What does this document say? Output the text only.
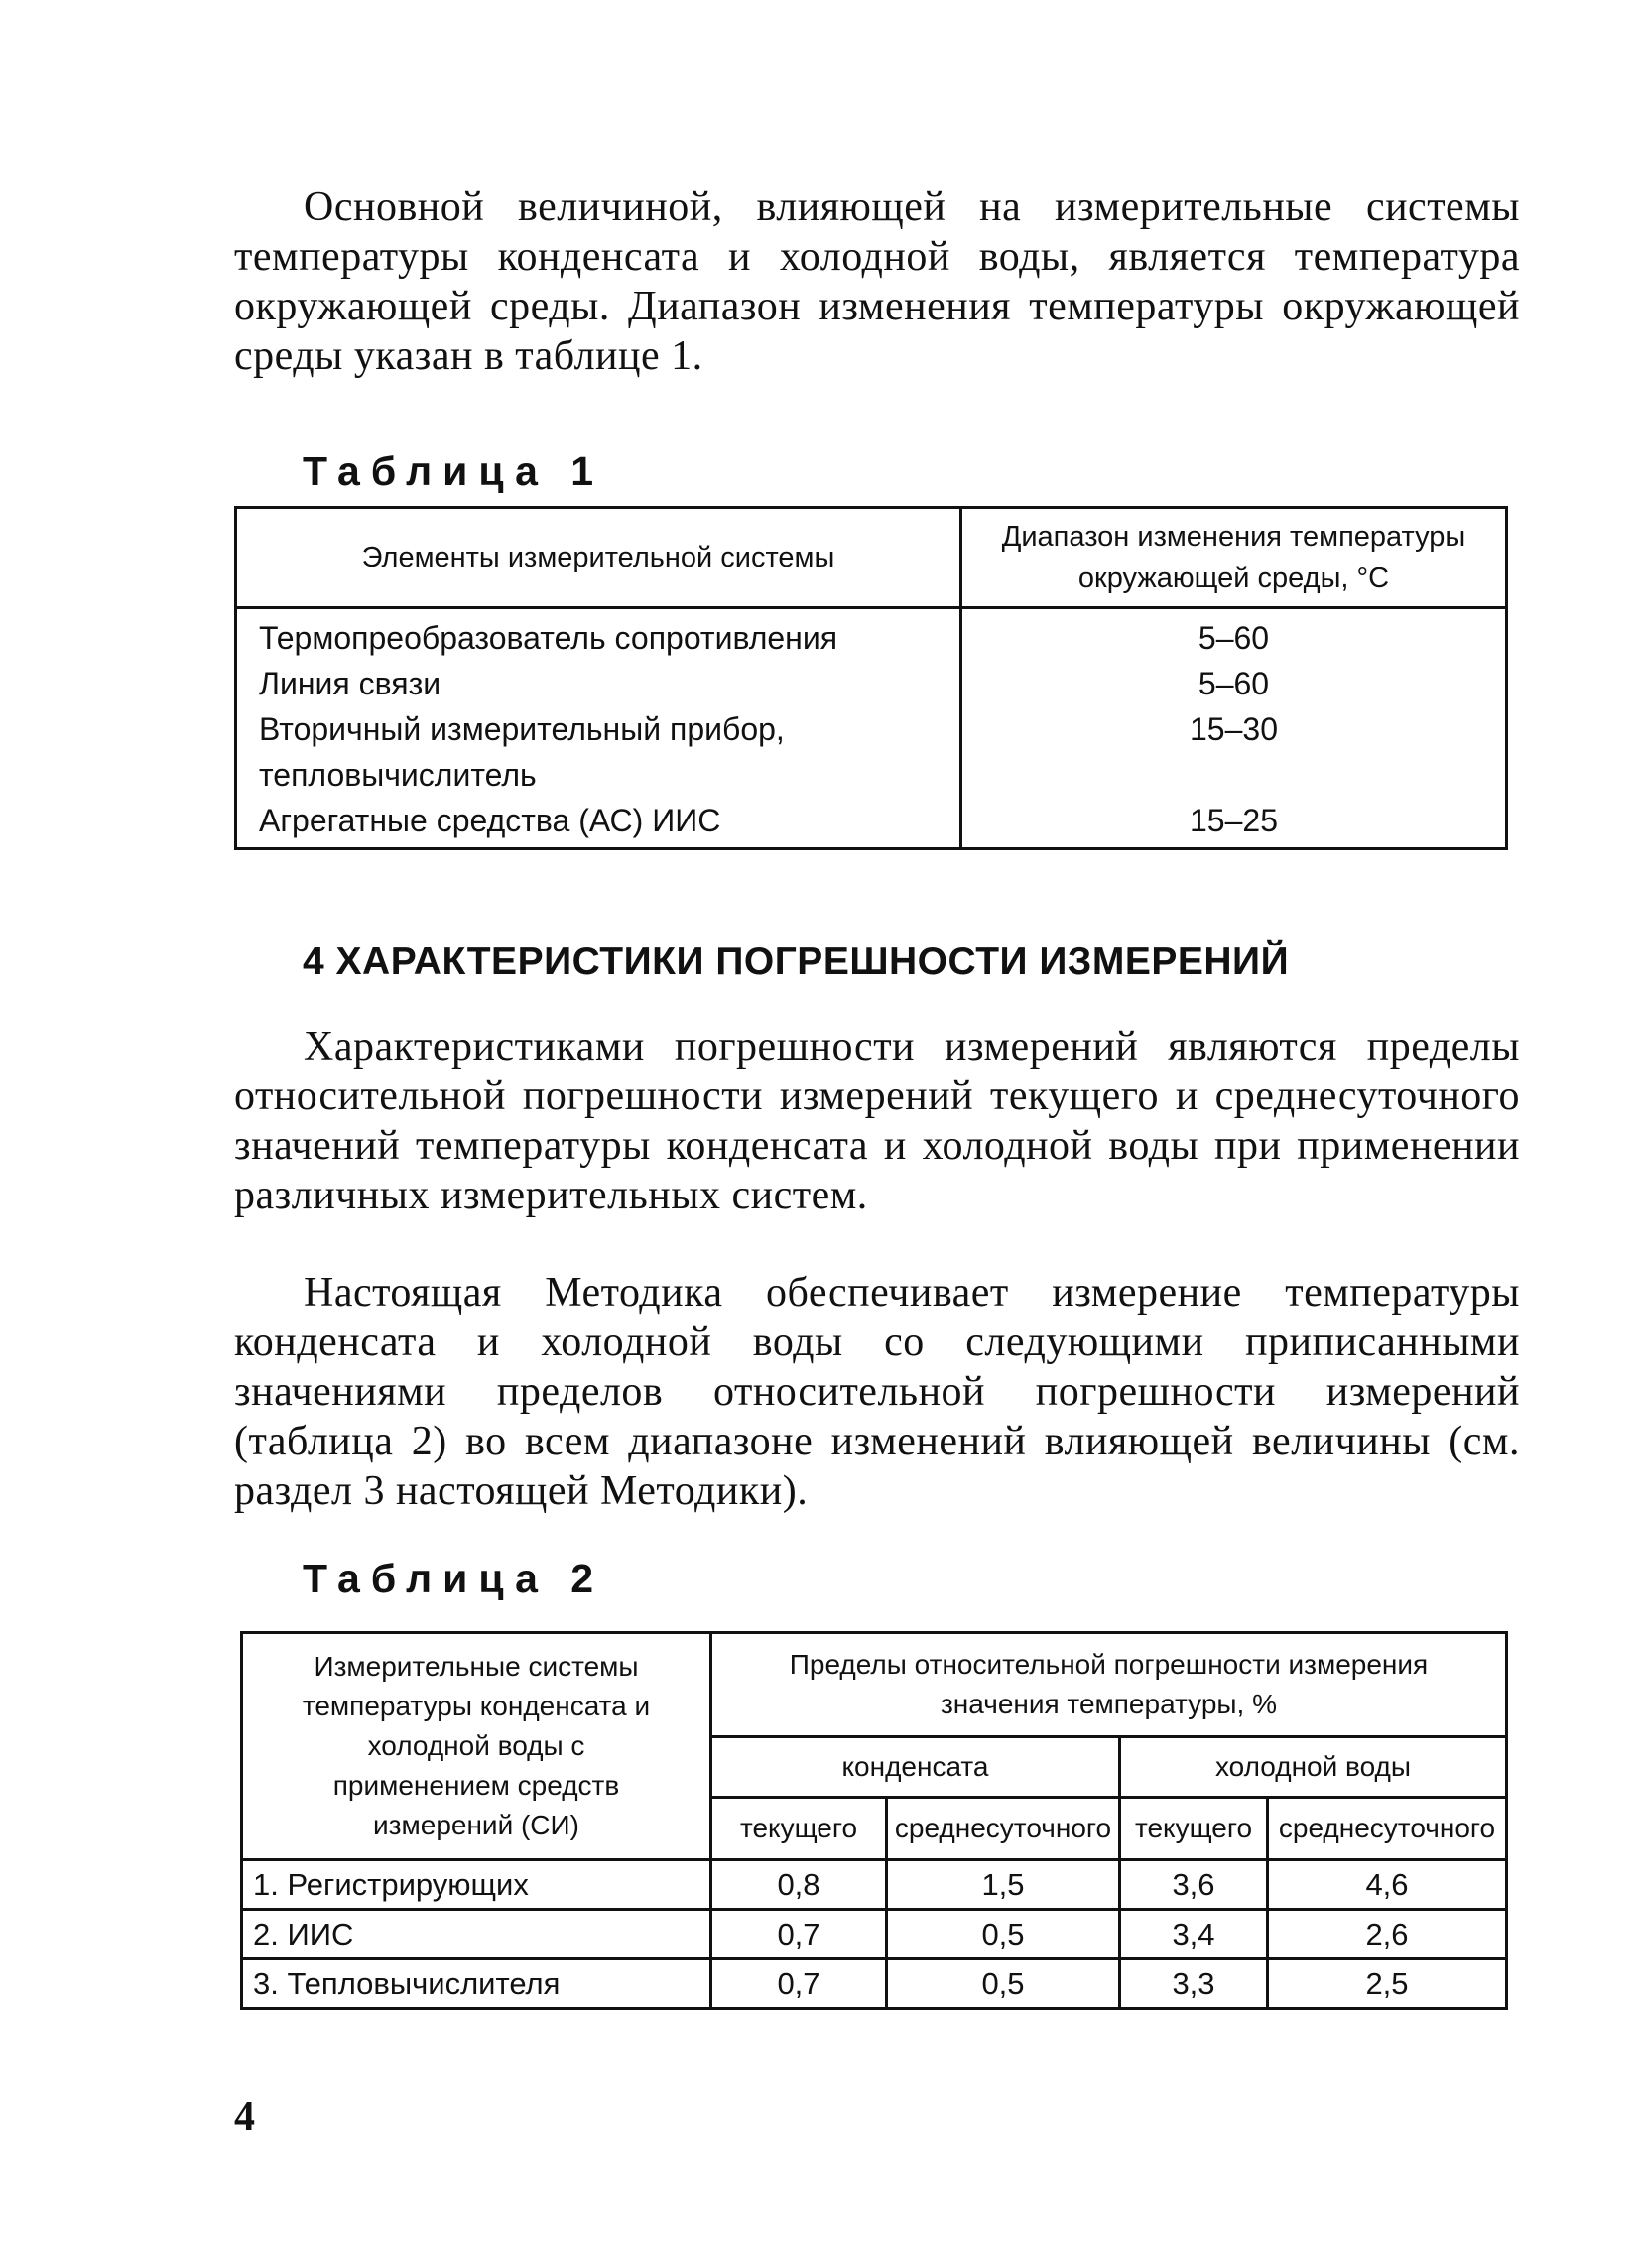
Основной величиной, влияющей на измерительные системы температуры конденсата и холодной воды, является температура окружающей среды. Диапазон изменения температуры окружающей среды указан в таблице 1.

Таблица 1
Элементы измерительной системы	Диапазон изменения температуры окружающей среды, °С
Термопреобразователь сопротивления	5–60
Линия связи	5–60
Вторичный измерительный прибор, тепловычислитель	15–30
Агрегатные средства (АС) ИИС	15–25
4 ХАРАКТЕРИСТИКИ ПОГРЕШНОСТИ ИЗМЕРЕНИЙ

Характеристиками погрешности измерений являются пределы относительной погрешности измерений текущего и среднесуточного значений температуры конденсата и холодной воды при применении различных измерительных систем.

Настоящая Методика обеспечивает измерение температуры конденсата и холодной воды со следующими приписанными значениями пределов относительной погрешности измерений (таблица 2) во всем диапазоне изменений влияющей величины (см. раздел 3 настоящей Методики).

Таблица 2
Измерительные системы температуры конденсата и холодной воды с применением средств измерений (СИ)	Пределы относительной погрешности измерения значения температуры, %			
	конденсата		холодной воды	
	текущего	среднесуточного	текущего	среднесуточного
1. Регистрирующих	0,8	1,5	3,6	4,6
2. ИИС	0,7	0,5	3,4	2,6
3. Тепловычислителя	0,7	0,5	3,3	2,5
4
